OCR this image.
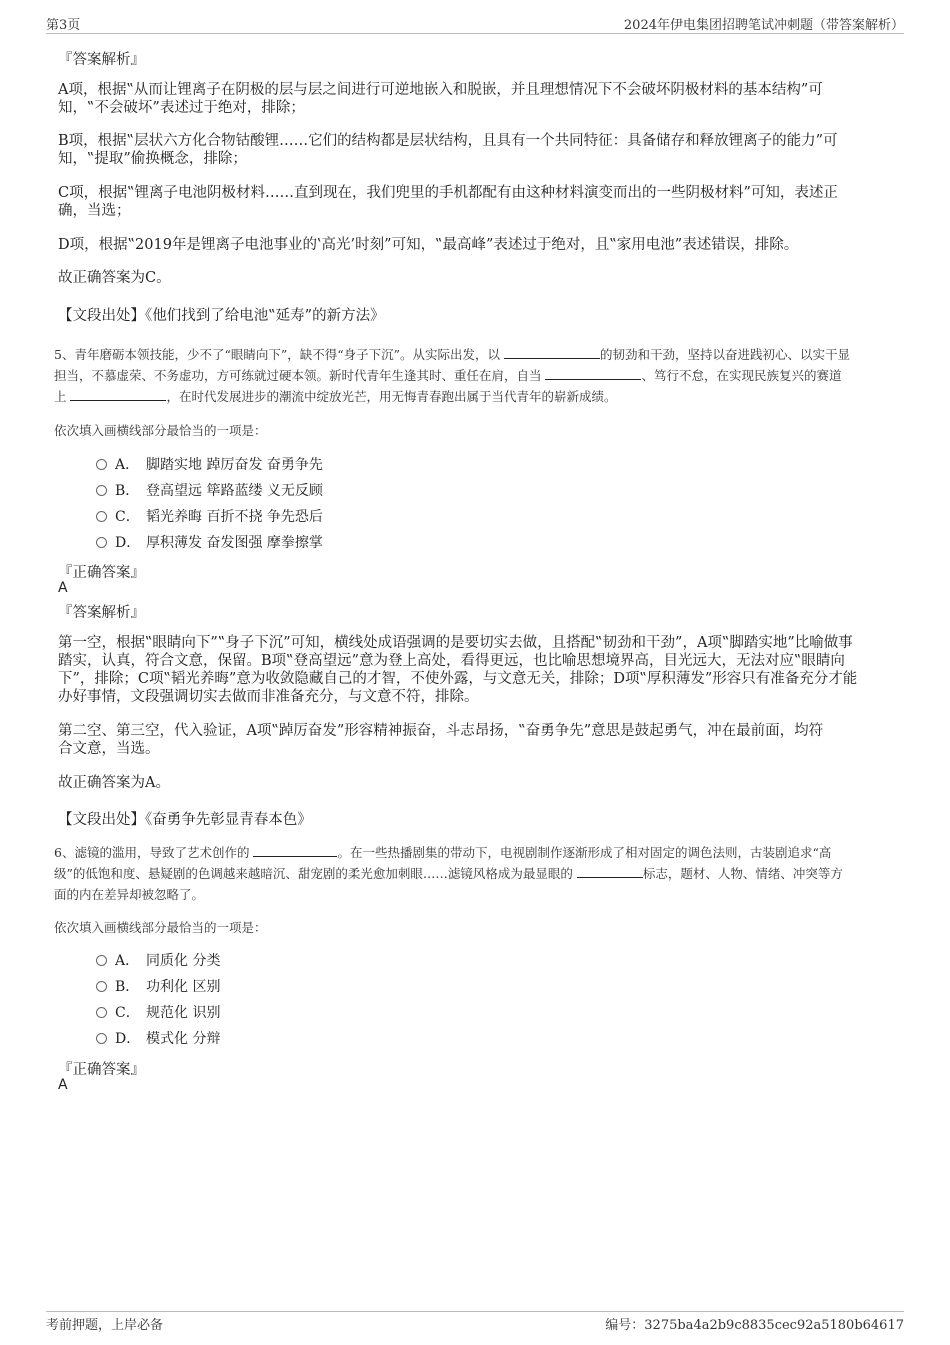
第3页	2024年伊电集团招聘笔试冲刺题（带答案解析）
『答案解析』
A项，根据‟从而让锂离子在阴极的层与层之间进行可逆地嵌入和脱嵌，并且理想情况下不会破坏阴极材料的基本结构”可
知，‟不会破坏”表述过于绝对，排除；
B项，根据‟层状六方化合物钴酸锂……它们的结构都是层状结构，且具有一个共同特征：具备储存和释放锂离子的能力”可
知，‟提取”偷换概念，排除；
C项，根据‟锂离子电池阴极材料……直到现在，我们兜里的手机都配有由这种材料演变而出的一些阴极材料”可知，表述正
确，当选；
D项，根据‟2019年是锂离子电池事业的‛高光’时刻”可知，‟最高峰”表述过于绝对，且‟家用电池”表述错误，排除。
故正确答案为C。
【文段出处】《他们找到了给电池‟延寿”的新方法》
5、青年磨砺本领技能，少不了“眼睛向下”，缺不得“身子下沉”。从实际出发，以	的韧劲和干劲，坚持以奋进践初心、以实干显
担当，不慕虚荣、不务虚功，方可练就过硬本领。新时代青年生逢其时、重任在肩，自当	、笃行不怠，在实现民族复兴的赛道
上	，在时代发展进步的潮流中绽放光芒，用无悔青春跑出属于当代青年的崭新成绩。
依次填入画横线部分最恰当的一项是：
A． 脚踏实地 踔厉奋发 奋勇争先
B． 登高望远 筚路蓝缕 义无反顾
C． 韬光养晦 百折不挠 争先恐后
D． 厚积薄发 奋发图强 摩拳擦掌
『正确答案』
A
『答案解析』
第一空，根据‟眼睛向下”‟身子下沉”可知，横线处成语强调的是要切实去做，且搭配‟韧劲和干劲”，A项‟脚踏实地”比喻做事
踏实，认真，符合文意，保留。B项‟登高望远”意为登上高处，看得更远，也比喻思想境界高，目光远大，无法对应‟眼睛向
下”，排除；C项‟韬光养晦”意为收敛隐藏自己的才智，不使外露，与文意无关，排除；D项‟厚积薄发”形容只有准备充分才能
办好事情，文段强调切实去做而非准备充分，与文意不符，排除。
第二空、第三空，代入验证，A项‟踔厉奋发”形容精神振奋，斗志昂扬，‟奋勇争先”意思是鼓起勇气，冲在最前面，均符
合文意，当选。
故正确答案为A。
【文段出处】《奋勇争先彰显青春本色》
6、滤镜的滥用，导致了艺术创作的	。在一些热播剧集的带动下，电视剧制作逐渐形成了相对固定的调色法则，古装剧追求“高
级”的低饱和度、悬疑剧的色调越来越暗沉、甜宠剧的柔光愈加刺眼……滤镜风格成为最显眼的	标志，题材、人物、情绪、冲突等方
面的内在差异却被忽略了。
依次填入画横线部分最恰当的一项是：
A． 同质化 分类
B． 功利化 区别
C． 规范化 识别
D． 模式化 分辩
『正确答案』
A
考前押题，上岸必备	编号：3275ba4a2b9c8835cec92a5180b64617
